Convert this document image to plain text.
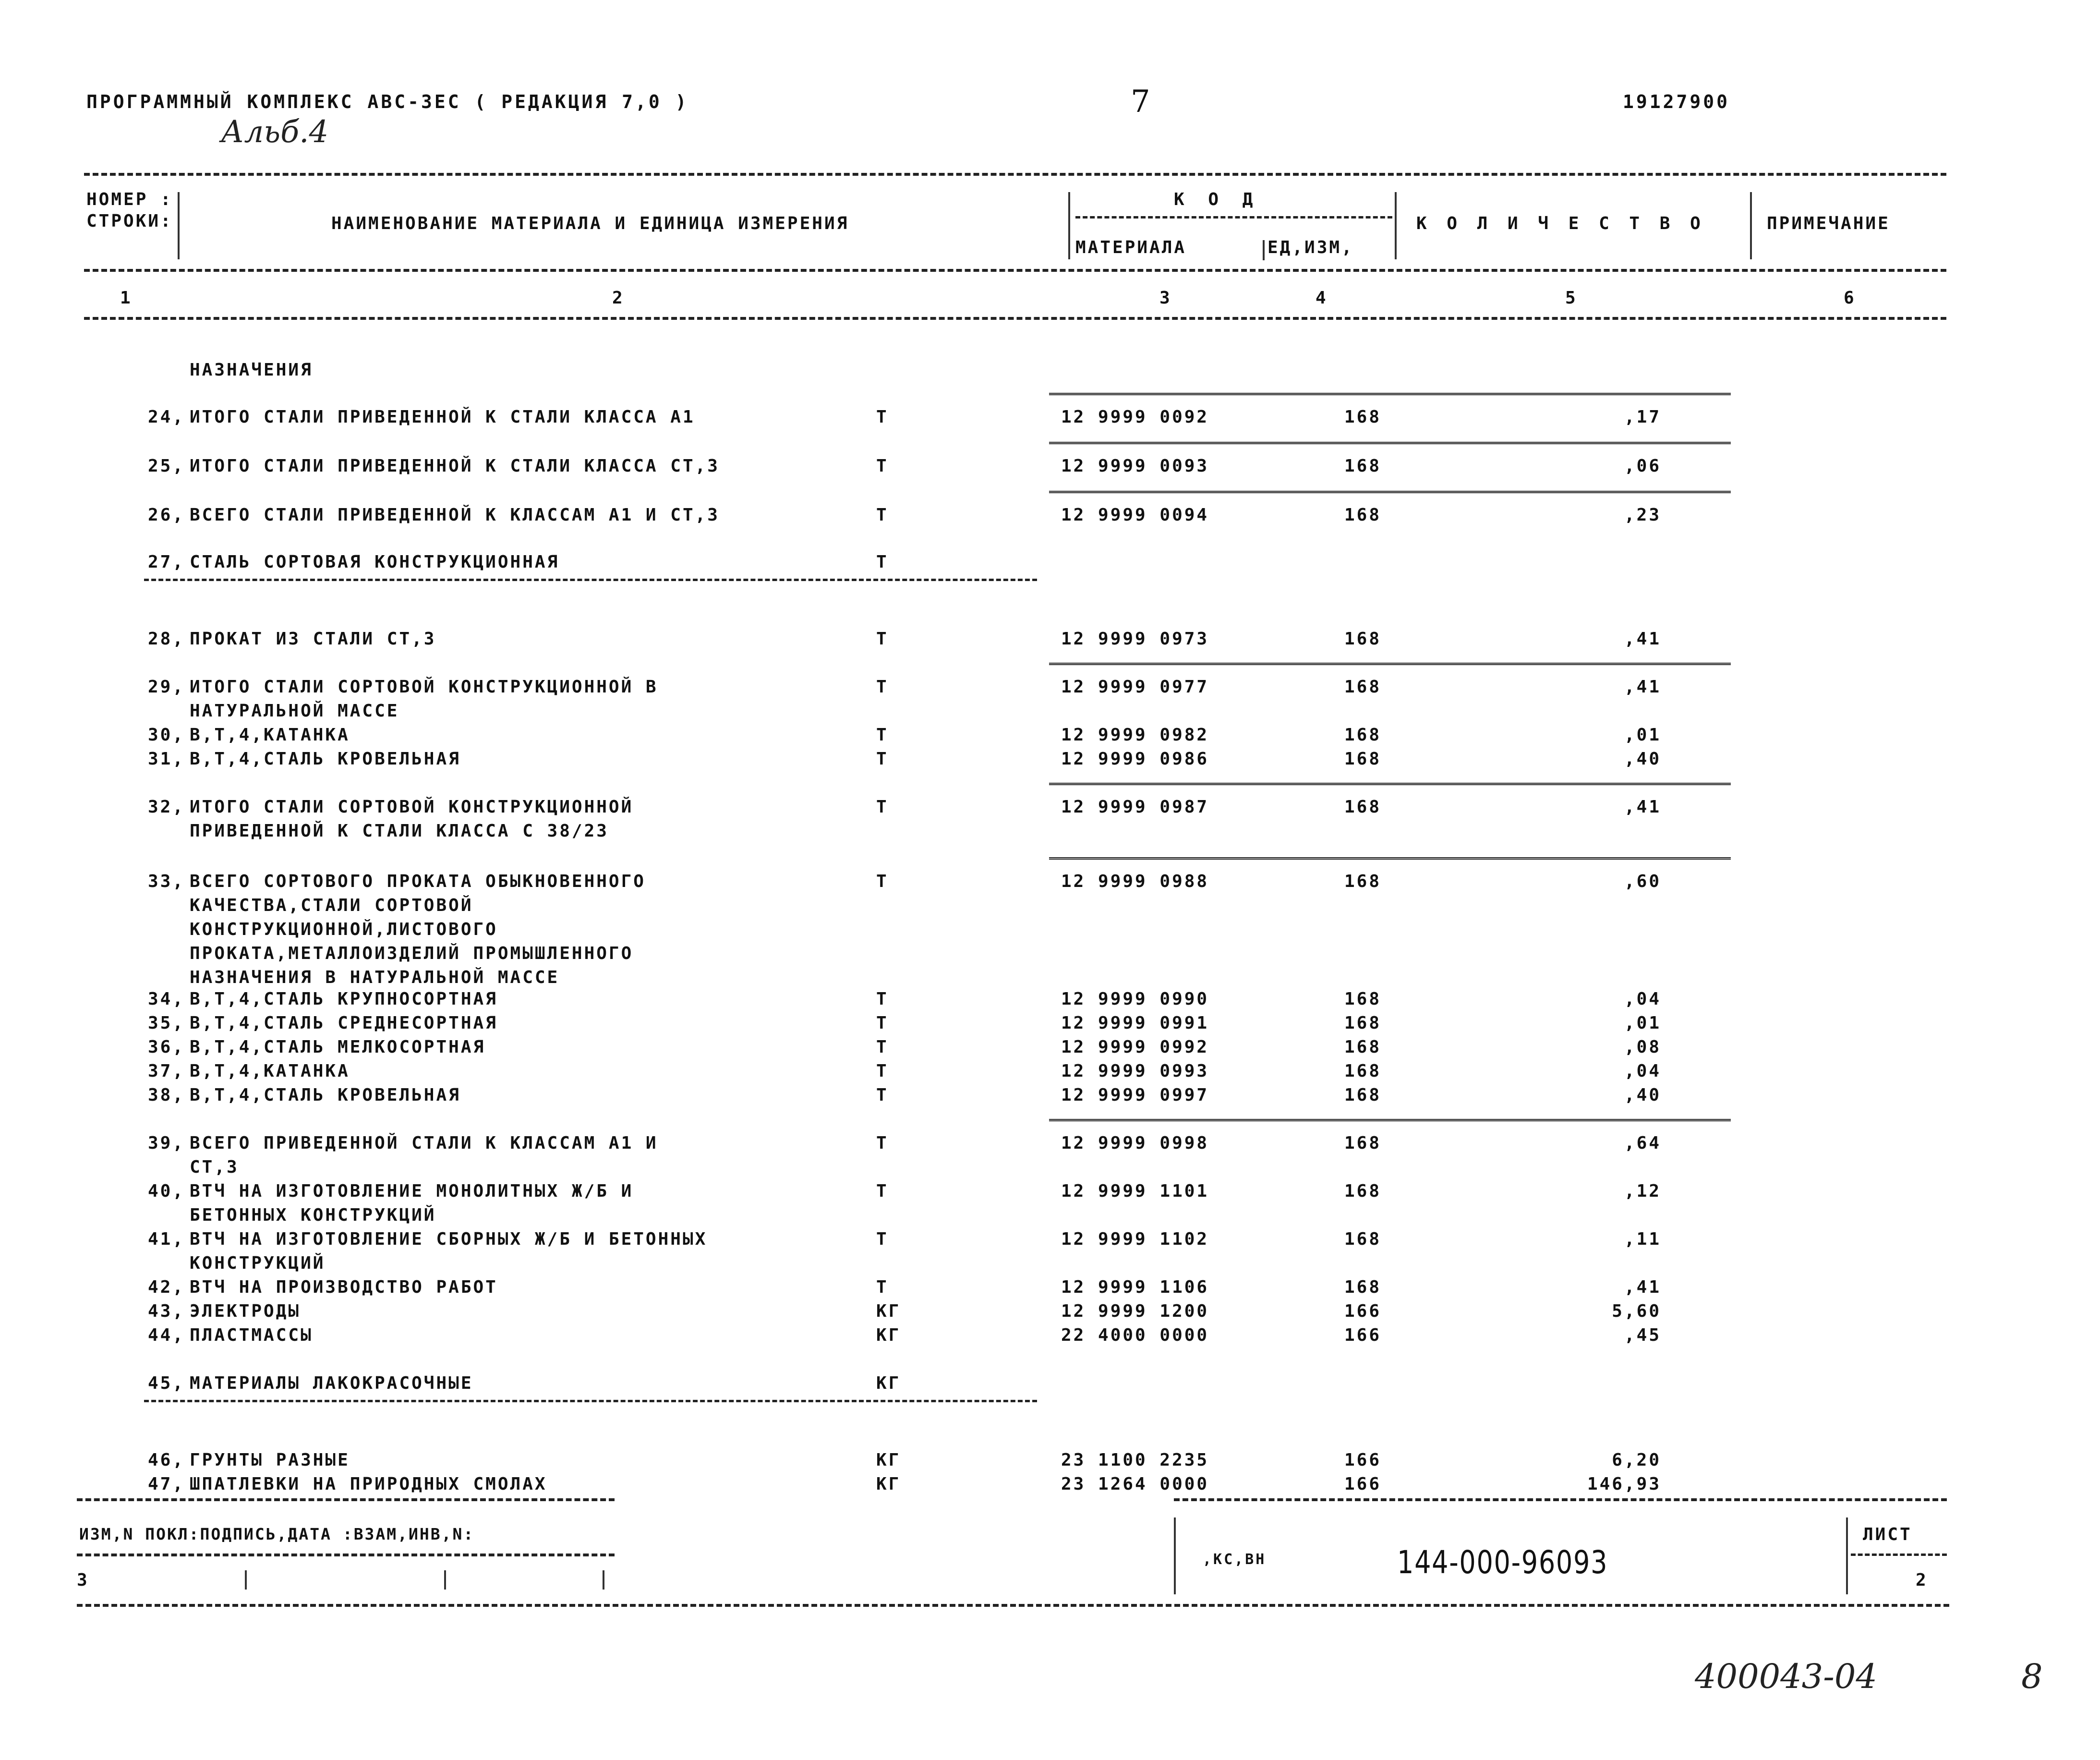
ПРОГРАММНЫЙ КОМПЛЕКС АВС-3ЕС ( РЕДАКЦИЯ 7,0 )	7	19127900
Альб.4
НОМЕР :
СТРОКИ:	НАИМЕНОВАНИЕ МАТЕРИАЛА И ЕДИНИЦА ИЗМЕРЕНИЯ
К О Д
МАТЕРИАЛА	ЕД,ИЗМ,
К О Л И Ч Е С Т В О	ПРИМЕЧАНИЕ
1	2	3	4	5	6
НАЗНАЧЕНИЯ
24, ИТОГО СТАЛИ ПРИВЕДЕННОЙ К СТАЛИ КЛАССА А1	Т	12 9999 0092	168	,17
25, ИТОГО СТАЛИ ПРИВЕДЕННОЙ К СТАЛИ КЛАССА СТ,3	Т	12 9999 0093	168	,06
26, ВСЕГО СТАЛИ ПРИВЕДЕННОЙ К КЛАССАМ А1 И СТ,3	Т	12 9999 0094	168	,23
27, СТАЛЬ СОРТОВАЯ КОНСТРУКЦИОННАЯ	Т
28, ПРОКАТ ИЗ СТАЛИ СТ,3	Т	12 9999 0973	168	,41
29, ИТОГО СТАЛИ СОРТОВОЙ КОНСТРУКЦИОННОЙ В
НАТУРАЛЬНОЙ МАССЕ
Т	12 9999 0977	168	,41
30, В,Т,4,КАТАНКА	Т	12 9999 0982	168	,01
31, В,Т,4,СТАЛЬ КРОВЕЛЬНАЯ	Т	12 9999 0986	168	,40
32, ИТОГО СТАЛИ СОРТОВОЙ КОНСТРУКЦИОННОЙ
ПРИВЕДЕННОЙ К СТАЛИ КЛАССА С 38/23
Т	12 9999 0987	168	,41
33, ВСЕГО СОРТОВОГО ПРОКАТА ОБЫКНОВЕННОГО
КАЧЕСТВА,СТАЛИ СОРТОВОЙ
КОНСТРУКЦИОННОЙ,ЛИСТОВОГО
ПРОКАТА,МЕТАЛЛОИЗДЕЛИЙ ПРОМЫШЛЕННОГО
НАЗНАЧЕНИЯ В НАТУРАЛЬНОЙ МАССЕ
Т	12 9999 0988	168	,60
34, В,Т,4,СТАЛЬ КРУПНОСОРТНАЯ	Т	12 9999 0990	168	,04
35, В,Т,4,СТАЛЬ СРЕДНЕСОРТНАЯ	Т	12 9999 0991	168	,01
36, В,Т,4,СТАЛЬ МЕЛКОСОРТНАЯ	Т	12 9999 0992	168	,08
37, В,Т,4,КАТАНКА	Т	12 9999 0993	168	,04
38, В,Т,4,СТАЛЬ КРОВЕЛЬНАЯ	Т	12 9999 0997	168	,40
39, ВСЕГО ПРИВЕДЕННОЙ СТАЛИ К КЛАССАМ А1 И
СТ,3
Т	12 9999 0998	168	,64
40, ВТЧ НА ИЗГОТОВЛЕНИЕ МОНОЛИТНЫХ Ж/Б И
БЕТОННЫХ КОНСТРУКЦИЙ
Т	12 9999 1101	168	,12
41, ВТЧ НА ИЗГОТОВЛЕНИЕ СБОРНЫХ Ж/Б И БЕТОННЫХ
КОНСТРУКЦИЙ
Т	12 9999 1102	168	,11
42, ВТЧ НА ПРОИЗВОДСТВО РАБОТ	Т	12 9999 1106	168	,41
43, ЭЛЕКТРОДЫ	КГ	12 9999 1200	166	5,60
44, ПЛАСТМАССЫ	КГ	22 4000 0000	166	,45
45, МАТЕРИАЛЫ ЛАКОКРАСОЧНЫЕ	КГ
46, ГРУНТЫ РАЗНЫЕ	КГ	23 1100 2235	166	6,20
47, ШПАТЛЕВКИ НА ПРИРОДНЫХ СМОЛАХ	КГ	23 1264 0000	166	146,93
ИЗМ,N ПОКЛ:ПОДПИСЬ,ДАТА :ВЗАМ,ИНВ,N:
3
,КС,ВН	144-000-96093
ЛИСТ
2
400043-04	8
